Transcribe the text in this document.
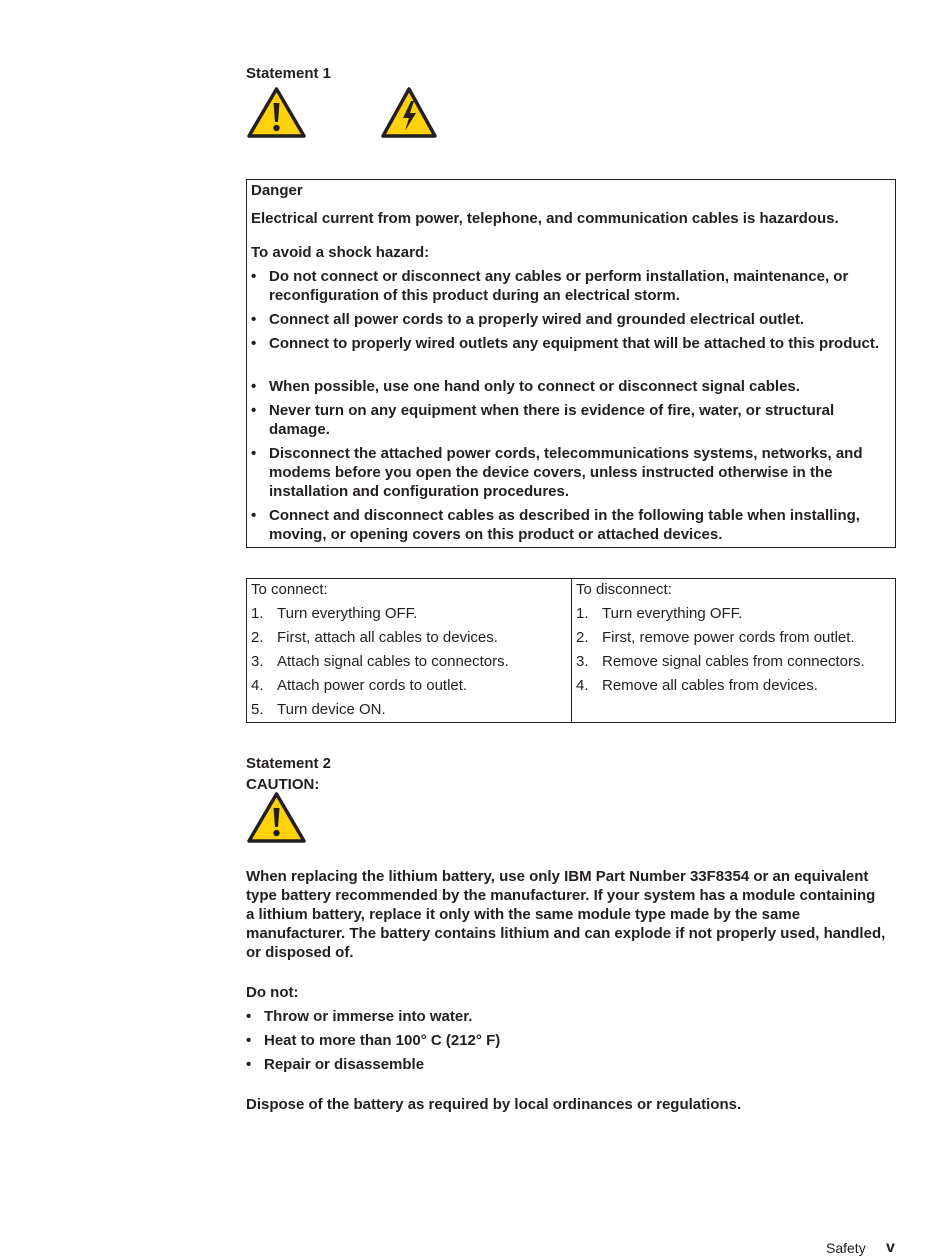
Statement 1
Danger
Electrical current from power, telephone, and communication cables is hazardous.
To avoid a shock hazard:
• Do not connect or disconnect any cables or perform installation, maintenance, or reconfiguration of this product during an electrical storm.
• Connect all power cords to a properly wired and grounded electrical outlet.
• Connect to properly wired outlets any equipment that will be attached to this product.
• When possible, use one hand only to connect or disconnect signal cables.
• Never turn on any equipment when there is evidence of fire, water, or structural damage.
• Disconnect the attached power cords, telecommunications systems, networks, and modems before you open the device covers, unless instructed otherwise in the installation and configuration procedures.
• Connect and disconnect cables as described in the following table when installing, moving, or opening covers on this product or attached devices.
To connect:
1. Turn everything OFF.
2. First, attach all cables to devices.
3. Attach signal cables to connectors.
4. Attach power cords to outlet.
5. Turn device ON.
To disconnect:
1. Turn everything OFF.
2. First, remove power cords from outlet.
3. Remove signal cables from connectors.
4. Remove all cables from devices.
Statement 2
CAUTION:
When replacing the lithium battery, use only IBM Part Number 33F8354 or an equivalent type battery recommended by the manufacturer. If your system has a module containing a lithium battery, replace it only with the same module type made by the same manufacturer. The battery contains lithium and can explode if not properly used, handled, or disposed of.
Do not:
• Throw or immerse into water.
• Heat to more than 100° C (212° F)
• Repair or disassemble
Dispose of the battery as required by local ordinances or regulations.
Safety v
